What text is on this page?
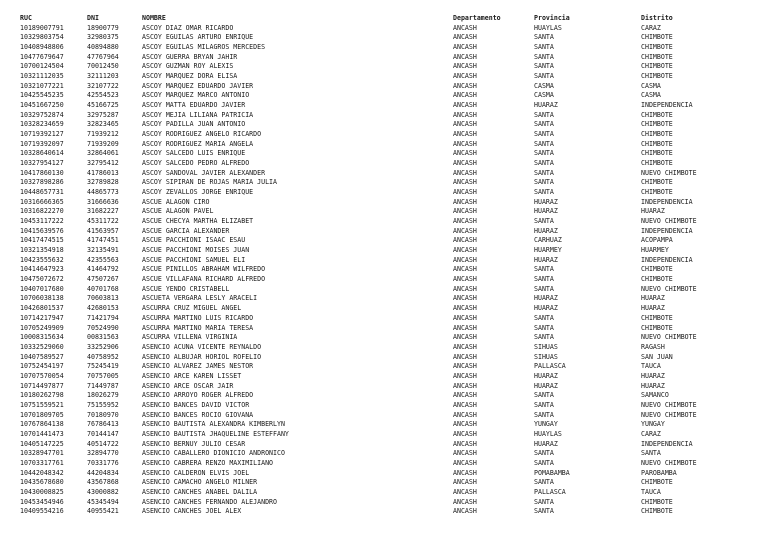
RUC	DNI	NOMBRE	Departamento	Provincia	Distrito
10189007791	18900779	ASCOY DIAZ OMAR RICARDO	ANCASH	HUAYLAS	CARAZ
10329803754	32980375	ASCOY EGUILAS ARTURO ENRIQUE	ANCASH	SANTA	CHIMBOTE
10408948806	40894880	ASCOY EGUILAS MILAGROS MERCEDES	ANCASH	SANTA	CHIMBOTE
10477679647	47767964	ASCOY GUERRA BRYAN JAHIR	ANCASH	SANTA	CHIMBOTE
10700124504	70012450	ASCOY GUZMAN ROY ALEXIS	ANCASH	SANTA	CHIMBOTE
10321112035	32111203	ASCOY MARQUEZ DORA ELISA	ANCASH	SANTA	CHIMBOTE
10321077221	32107722	ASCOY MARQUEZ EDUARDO JAVIER	ANCASH	CASMA	CASMA
10425545235	42554523	ASCOY MARQUEZ MARCO ANTONIO	ANCASH	CASMA	CASMA
10451667250	45166725	ASCOY MATTA EDUARDO JAVIER	ANCASH	HUARAZ	INDEPENDENCIA
10329752874	32975287	ASCOY MEJIA LILIANA PATRICIA	ANCASH	SANTA	CHIMBOTE
10328234659	32823465	ASCOY PADILLA JUAN ANTONIO	ANCASH	SANTA	CHIMBOTE
10719392127	71939212	ASCOY RODRIGUEZ ANGELO RICARDO	ANCASH	SANTA	CHIMBOTE
10719392097	71939209	ASCOY RODRIGUEZ MARIA ANGELA	ANCASH	SANTA	CHIMBOTE
10328640614	32864061	ASCOY SALCEDO LUIS ENRIQUE	ANCASH	SANTA	CHIMBOTE
10327954127	32795412	ASCOY SALCEDO PEDRO ALFREDO	ANCASH	SANTA	CHIMBOTE
10417860130	41786013	ASCOY SANDOVAL JAVIER ALEXANDER	ANCASH	SANTA	NUEVO CHIMBOTE
10327898286	32789828	ASCOY SIPIRAN DE ROJAS MARIA JULIA	ANCASH	SANTA	CHIMBOTE
10448657731	44865773	ASCOY ZEVALLOS JORGE ENRIQUE	ANCASH	SANTA	CHIMBOTE
10316666365	31666636	ASCUE ALAGON CIRO	ANCASH	HUARAZ	INDEPENDENCIA
10316822270	31682227	ASCUE ALAGON PAVEL	ANCASH	HUARAZ	HUARAZ
10453117222	45311722	ASCUE CHECYA MARTHA ELIZABET	ANCASH	SANTA	NUEVO CHIMBOTE
10415639576	41563957	ASCUE GARCIA ALEXANDER	ANCASH	HUARAZ	INDEPENDENCIA
10417474515	41747451	ASCUE PACCHIONI ISAAC ESAU	ANCASH	CARHUAZ	ACOPAMPA
10321354918	32135491	ASCUE PACCHIONI MOISES JUAN	ANCASH	HUARMEY	HUARMEY
10423555632	42355563	ASCUE PACCHIONI SAMUEL ELI	ANCASH	HUARAZ	INDEPENDENCIA
10414647923	41464792	ASCUE PINILLOS ABRAHAM WILFREDO	ANCASH	SANTA	CHIMBOTE
10475072672	47507267	ASCUE VILLAFANA RICHARD ALFREDO	ANCASH	SANTA	CHIMBOTE
10407017680	40701768	ASCUE YENDO CRISTABELL	ANCASH	SANTA	NUEVO CHIMBOTE
10706038138	70603813	ASCUETA VERGARA LESLY ARACELI	ANCASH	HUARAZ	HUARAZ
10426801537	42680153	ASCURRA CRUZ MIGUEL ANGEL	ANCASH	HUARAZ	HUARAZ
10714217947	71421794	ASCURRA MARTINO LUIS RICARDO	ANCASH	SANTA	CHIMBOTE
10705249909	70524990	ASCURRA MARTINO MARIA TERESA	ANCASH	SANTA	CHIMBOTE
10008315634	00831563	ASCURRA VILLENA VIRGINIA	ANCASH	SANTA	NUEVO CHIMBOTE
10332529060	33252906	ASENCIO ACUÑA VICENTE REYNALDO	ANCASH	SIHUAS	RAGASH
10407589527	40758952	ASENCIO ALBUJAR HORIOL ROFELIO	ANCASH	SIHUAS	SAN JUAN
10752454197	75245419	ASENCIO ALVAREZ JAMES NESTOR	ANCASH	PALLASCA	TAUCA
10707570054	70757005	ASENCIO ARCE KAREN LISSET	ANCASH	HUARAZ	HUARAZ
10714497877	71449787	ASENCIO ARCE OSCAR JAIR	ANCASH	HUARAZ	HUARAZ
10180262798	18026279	ASENCIO ARROYO ROGER ALFREDO	ANCASH	SANTA	SAMANCO
10751559521	75155952	ASENCIO BANCES DAVID VICTOR	ANCASH	SANTA	NUEVO CHIMBOTE
10701809705	70180970	ASENCIO BANCES ROCIO GIOVANA	ANCASH	SANTA	NUEVO CHIMBOTE
10767864138	76786413	ASENCIO BAUTISTA ALEXANDRA KIMBERLYN	ANCASH	YUNGAY	YUNGAY
10701441473	70144147	ASENCIO BAUTISTA JHAQUELINE ESTEFFANY	ANCASH	HUAYLAS	CARAZ
10405147225	40514722	ASENCIO BERNUY JULIO CESAR	ANCASH	HUARAZ	INDEPENDENCIA
10328947701	32894770	ASENCIO CABALLERO DIONICIO ANDRONICO	ANCASH	SANTA	SANTA
10703317761	70331776	ASENCIO CABRERA RENZO MAXIMILIANO	ANCASH	SANTA	NUEVO CHIMBOTE
10442048342	44204834	ASENCIO CALDERON ELVIS JOEL	ANCASH	POMABAMBA	PAROBAMBA
10435678680	43567868	ASENCIO CAMACHO ANGELO MILNER	ANCASH	SANTA	CHIMBOTE
10430008825	43000882	ASENCIO CANCHES ANABEL DALILA	ANCASH	PALLASCA	TAUCA
10453454946	45345494	ASENCIO CANCHES FERNANDO ALEJANDRO	ANCASH	SANTA	CHIMBOTE
10409554216	40955421	ASENCIO CANCHES JOEL ALEX	ANCASH	SANTA	CHIMBOTE
